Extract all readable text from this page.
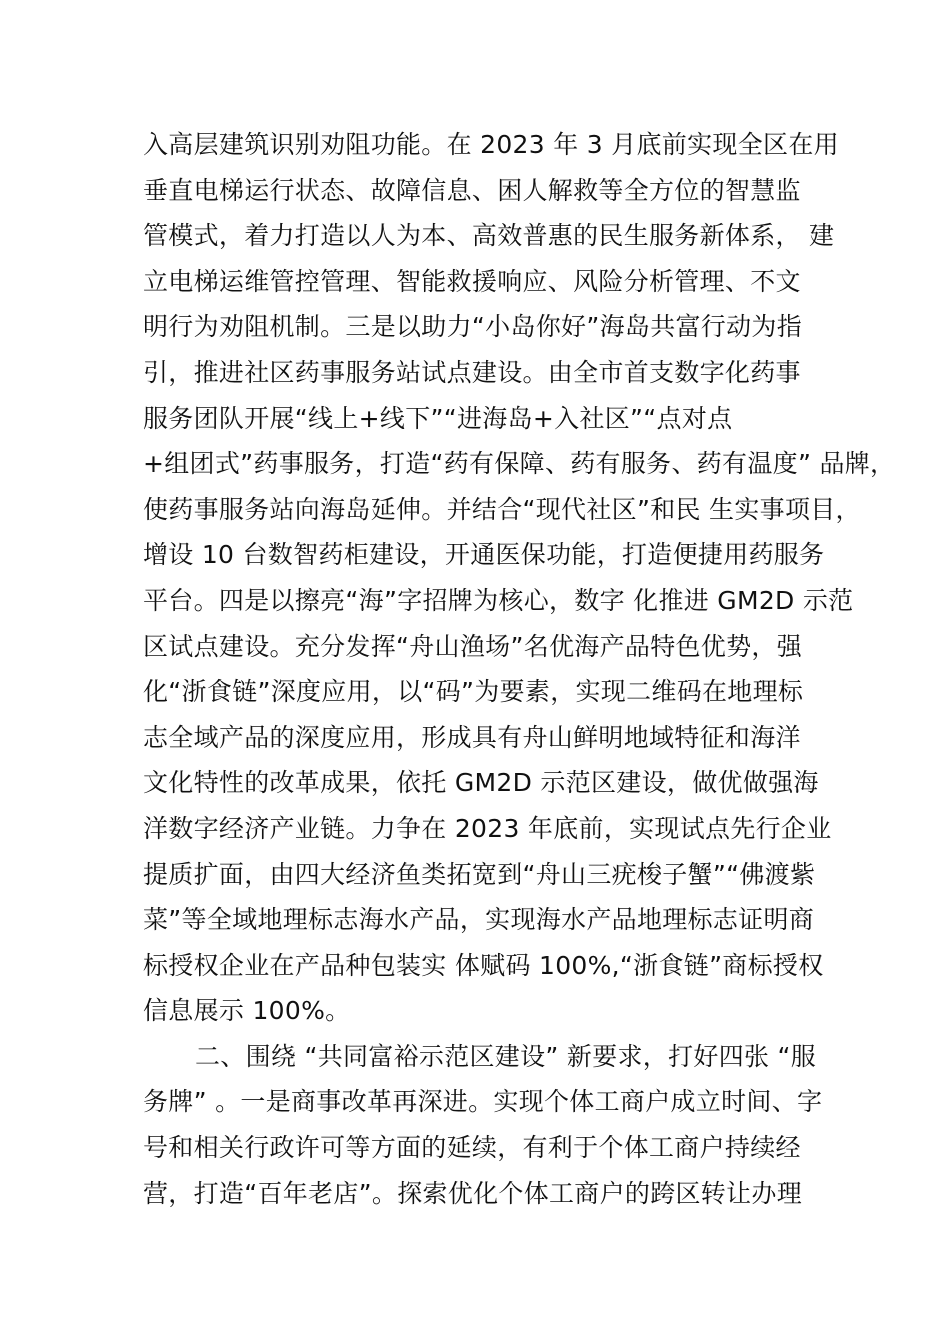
入高层建筑识别劝阻功能。在 2023 年 3 月底前实现全区在用
垂直电梯运行状态、故障信息、困人解救等全方位的智慧监
管模式，着力打造以人为本、高效普惠的民生服务新体系， 建
立电梯运维管控管理、智能救援响应、风险分析管理、不文
明行为劝阻机制。三是以助力“小岛你好”海岛共富行动为指
引，推进社区药事服务站试点建设。由全市首支数字化药事
服务团队开展“线上+线下”“进海岛+入社区”“点对点
+组团式”药事服务，打造“药有保障、药有服务、药有温度” 品牌，
使药事服务站向海岛延伸。并结合“现代社区”和民 生实事项目，
增设 10 台数智药柜建设，开通医保功能，打造便捷用药服务
平台。四是以擦亮“海”字招牌为核心，数字 化推进 GM2D 示范
区试点建设。充分发挥“舟山渔场”名优海产品特色优势，强
化“浙食链”深度应用，以“码”为要素，实现二维码在地理标
志全域产品的深度应用，形成具有舟山鲜明地域特征和海洋
文化特性的改革成果，依托 GM2D 示范区建设，做优做强海
洋数字经济产业链。力争在 2023 年底前，实现试点先行企业
提质扩面，由四大经济鱼类拓宽到“舟山三疣梭子蟹”“佛渡紫
菜”等全域地理标志海水产品，实现海水产品地理标志证明商
标授权企业在产品种包装实 体赋码 100%,“浙食链”商标授权
信息展示 100%。
二、围绕 “共同富裕示范区建设” 新要求，打好四张 “服
务牌” 。一是商事改革再深进。实现个体工商户成立时间、字
号和相关行政许可等方面的延续，有利于个体工商户持续经
营，打造“百年老店”。探索优化个体工商户的跨区转让办理
